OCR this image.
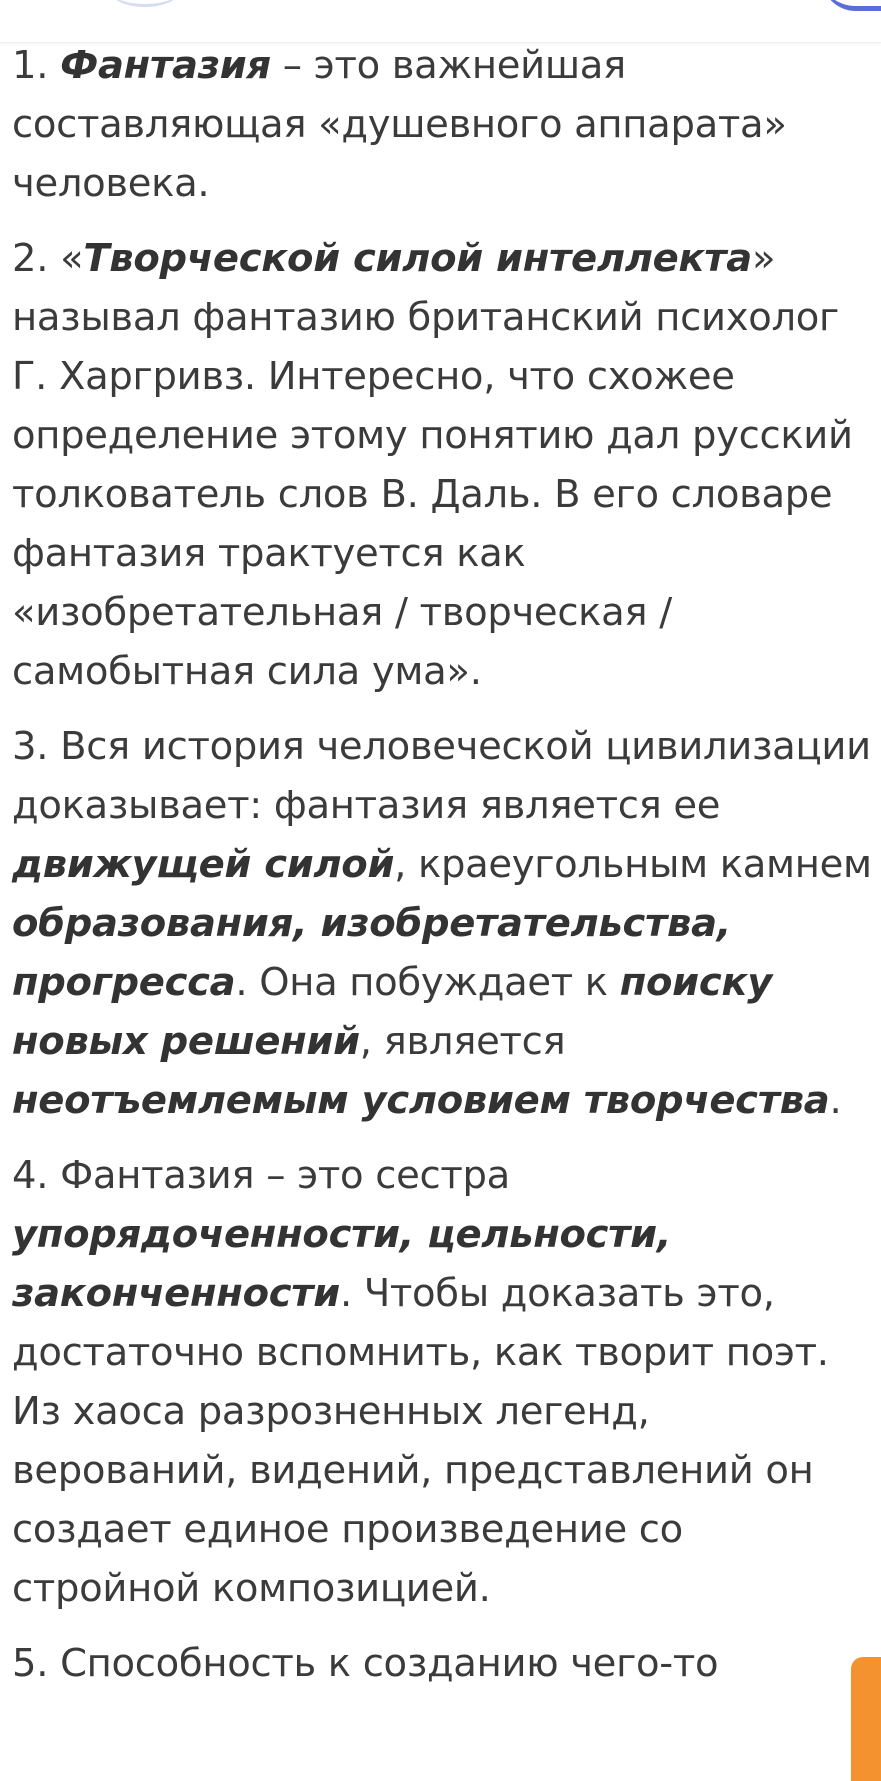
1. Фантазия – это важнейшая составляющая «душевного аппарата» человека.

2. «Творческой силой интеллекта» называл фантазию британский психолог Г. Харгривз. Интересно, что схожее определение этому понятию дал русский толкователь слов В. Даль. В его словаре фантазия трактуется как «изобретательная / творческая / самобытная сила ума».

3. Вся история человеческой цивилизации доказывает: фантазия является ее движущей силой, краеугольным камнем образования, изобретательства, прогресса. Она побуждает к поиску новых решений, является неотъемлемым условием творчества.

4. Фантазия – это сестра упорядоченности, цельности, законченности. Чтобы доказать это, достаточно вспомнить, как творит поэт. Из хаоса разрозненных легенд, верований, видений, представлений он создает единое произведение со стройной композицией.

5. Способность к созданию чего-то
